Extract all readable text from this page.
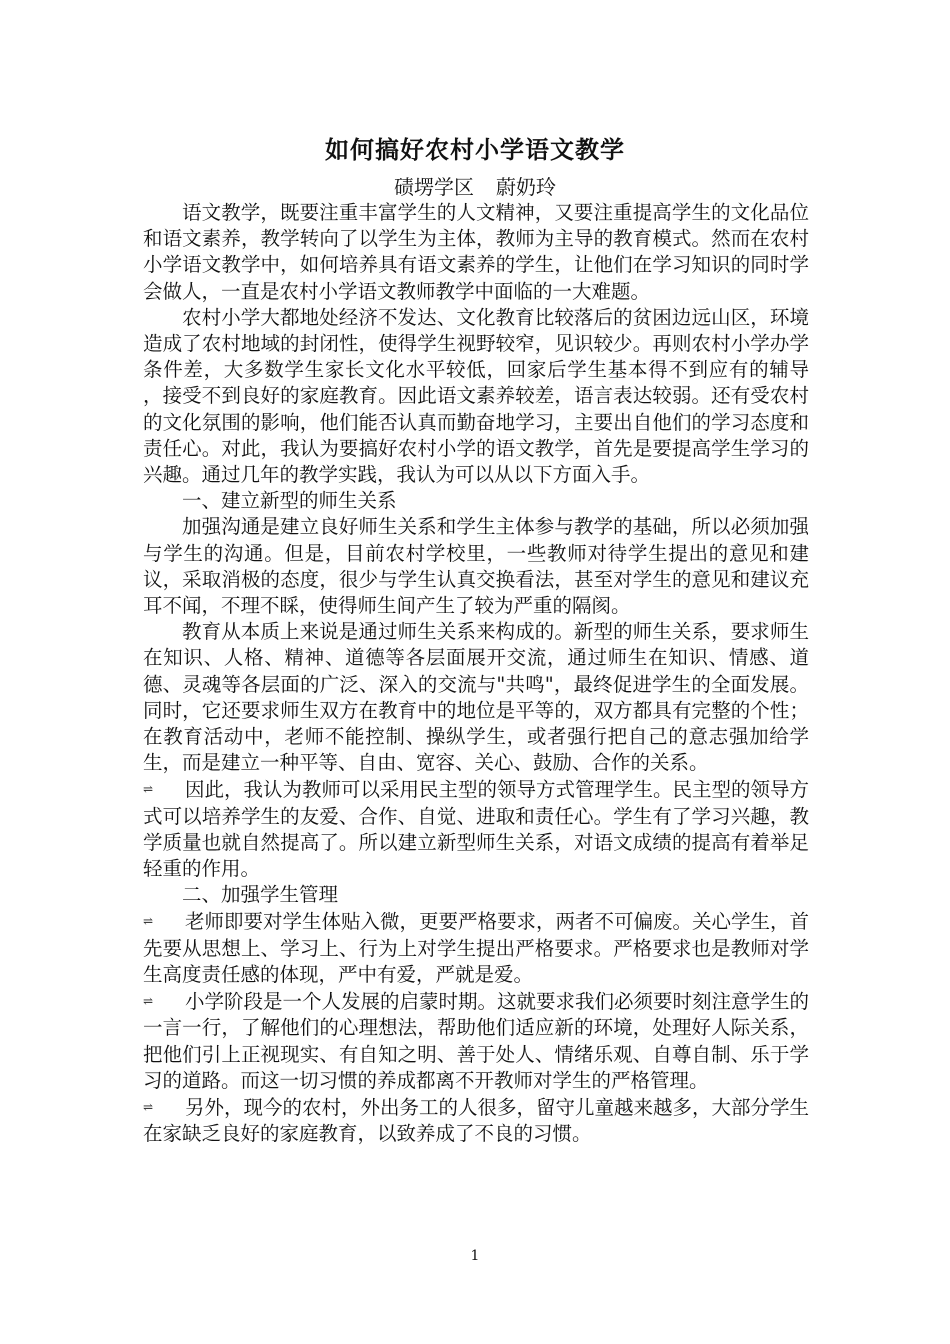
如何搞好农村小学语文教学
碛塄学区 蔚奶玲

语文教学，既要注重丰富学生的人文精神，又要注重提高学生的文化品位和语文素养，教学转向了以学生为主体，教师为主导的教育模式。然而在农村小学语文教学中，如何培养具有语文素养的学生，让他们在学习知识的同时学会做人，一直是农村小学语文教师教学中面临的一大难题。

农村小学大都地处经济不发达、文化教育比较落后的贫困边远山区，环境造成了农村地域的封闭性，使得学生视野较窄，见识较少。再则农村小学办学条件差，大多数学生家长文化水平较低，回家后学生基本得不到应有的辅导 ，接受不到良好的家庭教育。因此语文素养较差，语言表达较弱。还有受农村的文化氛围的影响，他们能否认真而勤奋地学习，主要出自他们的学习态度和责任心。对此，我认为要搞好农村小学的语文教学，首先是要提高学生学习的兴趣。通过几年的教学实践，我认为可以从以下方面入手。

一、建立新型的师生关系

加强沟通是建立良好师生关系和学生主体参与教学的基础，所以必须加强与学生的沟通。但是，目前农村学校里，一些教师对待学生提出的意见和建议，采取消极的态度，很少与学生认真交换看法，甚至对学生的意见和建议充耳不闻，不理不睬，使得师生间产生了较为严重的隔阂。

教育从本质上来说是通过师生关系来构成的。新型的师生关系，要求师生在知识、人格、精神、道德等各层面展开交流，通过师生在知识、情感、道德、灵魂等各层面的广泛、深入的交流与"共鸣"，最终促进学生的全面发展。同时，它还要求师生双方在教育中的地位是平等的，双方都具有完整的个性；在教育活动中，老师不能控制、操纵学生，或者强行把自己的意志强加给学生，而是建立一种平等、自由、宽容、关心、鼓励、合作的关系。

⇌ 因此，我认为教师可以采用民主型的领导方式管理学生。民主型的领导方式可以培养学生的友爱、合作、自觉、进取和责任心。学生有了学习兴趣，教学质量也就自然提高了。所以建立新型师生关系，对语文成绩的提高有着举足轻重的作用。

二、加强学生管理

⇌ 老师即要对学生体贴入微，更要严格要求，两者不可偏废。关心学生，首先要从思想上、学习上、行为上对学生提出严格要求。严格要求也是教师对学生高度责任感的体现，严中有爱，严就是爱。

⇌ 小学阶段是一个人发展的启蒙时期。这就要求我们必须要时刻注意学生的一言一行，了解他们的心理想法，帮助他们适应新的环境，处理好人际关系，把他们引上正视现实、有自知之明、善于处人、情绪乐观、自尊自制、乐于学习的道路。而这一切习惯的养成都离不开教师对学生的严格管理。

⇌ 另外，现今的农村，外出务工的人很多，留守儿童越来越多，大部分学生在家缺乏良好的家庭教育，以致养成了不良的习惯。

1
